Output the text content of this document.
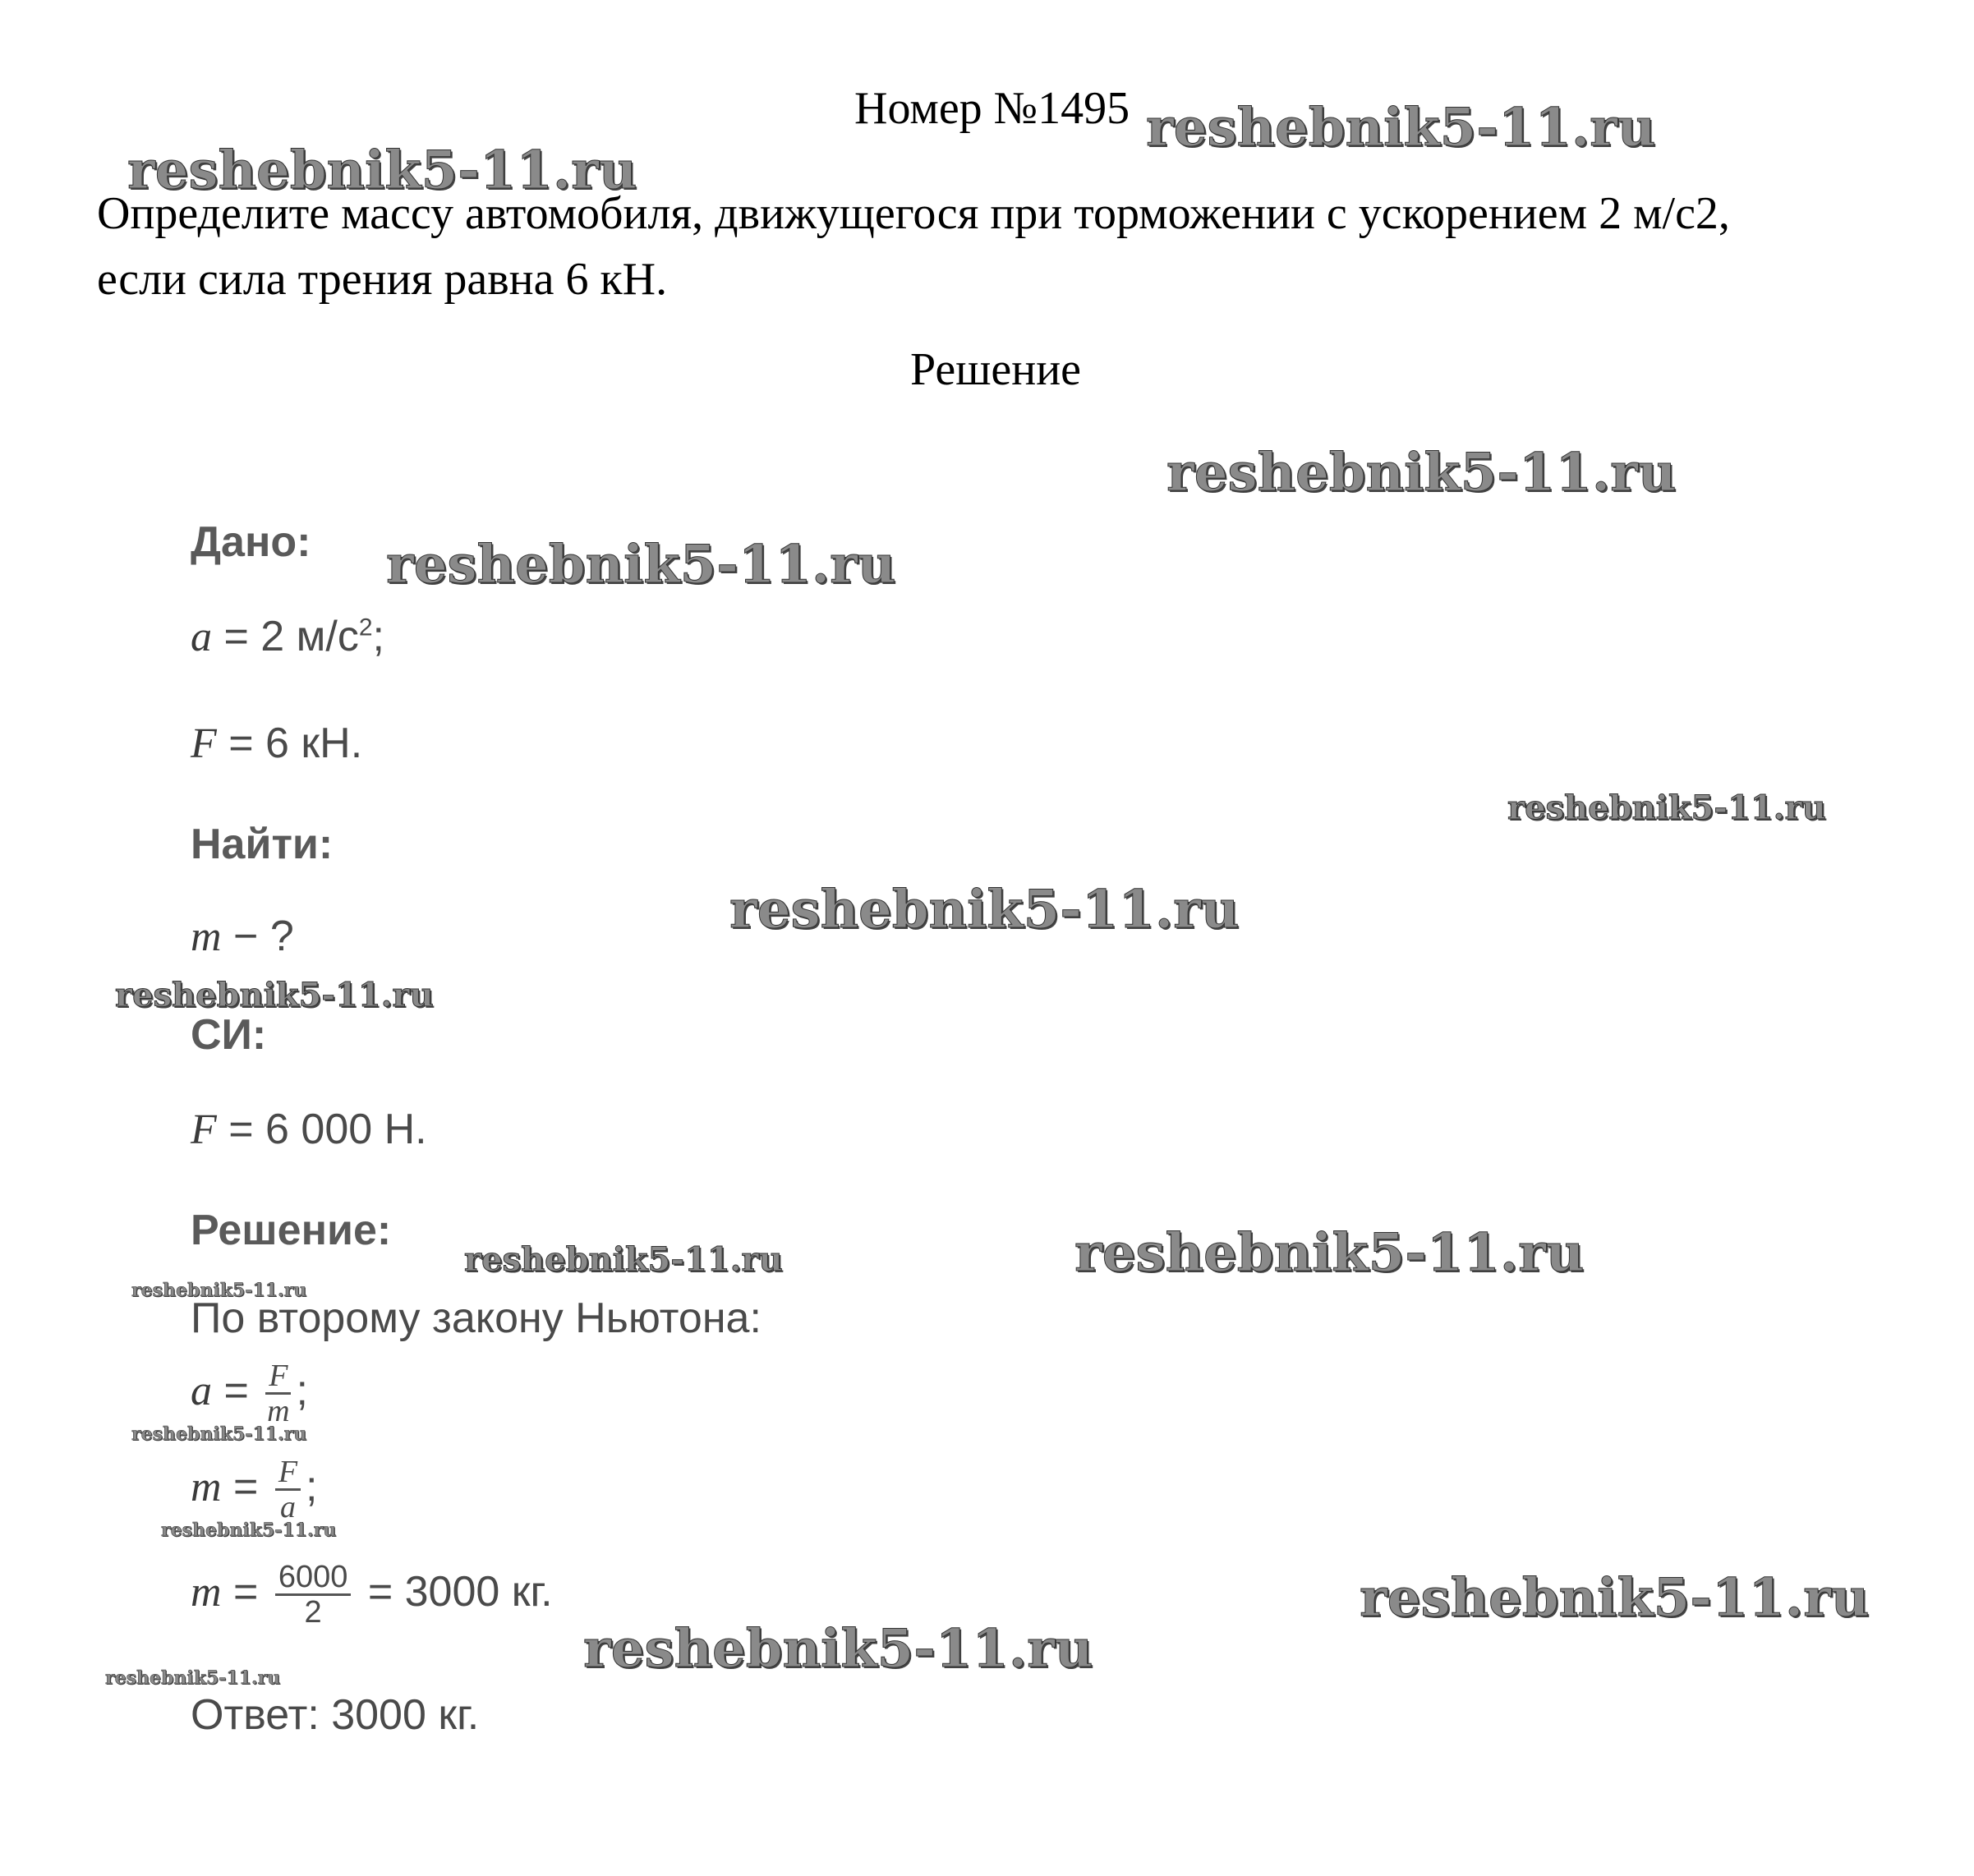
Номер №1495
Определите массу автомобиля, движущегося при торможении с ускорением 2 м/с2,
если сила трения равна 6 кН.
Решение
Дано:
a = 2 $м/с^2$;
F = 6 кН.
Найти:
m − ?
СИ:
F = 6 000 Н.
Решение:
По второму закону Ньютона:
$a = \frac{F}{m}$ ;
$m = \frac{F}{a}$ ;
$m = \frac{6000}{2} = 3000$ кг.
Ответ: 3000 кг.
reshebnik5-11.ru
reshebnik5-11.ru
reshebnik5-11.ru
reshebnik5-11.ru
reshebnik5-11.ru
reshebnik5-11.ru
reshebnik5-11.ru
reshebnik5-11.ru	reshebnik5-11.ru
reshebnik5-11.ru
reshebnik5-11.ru
reshebnik5-11.ru
reshebnik5-11.ru
reshebnik5-11.ru
reshebnik5-11.ru
